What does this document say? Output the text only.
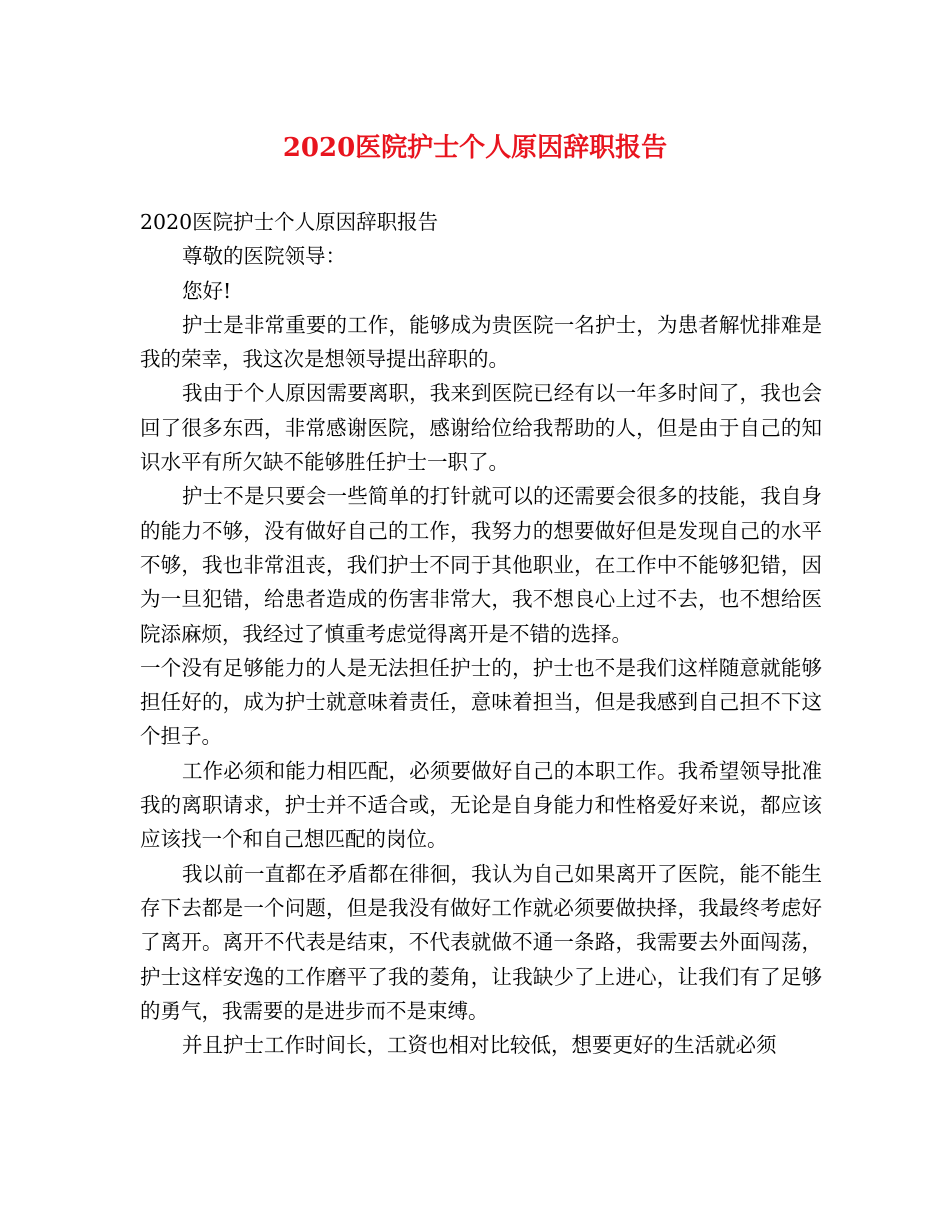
2020医院护士个人原因辞职报告

2020医院护士个人原因辞职报告

尊敬的医院领导：

您好!

护士是非常重要的工作，能够成为贵医院一名护士，为患者解忧排难是我的荣幸，我这次是想领导提出辞职的。

我由于个人原因需要离职，我来到医院已经有以一年多时间了，我也会回了很多东西，非常感谢医院，感谢给位给我帮助的人，但是由于自己的知识水平有所欠缺不能够胜任护士一职了。

护士不是只要会一些简单的打针就可以的还需要会很多的技能，我自身的能力不够，没有做好自己的工作，我努力的想要做好但是发现自己的水平不够，我也非常沮丧，我们护士不同于其他职业，在工作中不能够犯错，因为一旦犯错，给患者造成的伤害非常大，我不想良心上过不去，也不想给医院添麻烦，我经过了慎重考虑觉得离开是不错的选择。

一个没有足够能力的人是无法担任护士的，护士也不是我们这样随意就能够担任好的，成为护士就意味着责任，意味着担当，但是我感到自己担不下这个担子。

工作必须和能力相匹配，必须要做好自己的本职工作。我希望领导批准我的离职请求，护士并不适合或，无论是自身能力和性格爱好来说，都应该应该找一个和自己想匹配的岗位。

我以前一直都在矛盾都在徘徊，我认为自己如果离开了医院，能不能生存下去都是一个问题，但是我没有做好工作就必须要做抉择，我最终考虑好了离开。离开不代表是结束，不代表就做不通一条路，我需要去外面闯荡，护士这样安逸的工作磨平了我的菱角，让我缺少了上进心，让我们有了足够的勇气，我需要的是进步而不是束缚。

并且护士工作时间长，工资也相对比较低，想要更好的生活就必须
